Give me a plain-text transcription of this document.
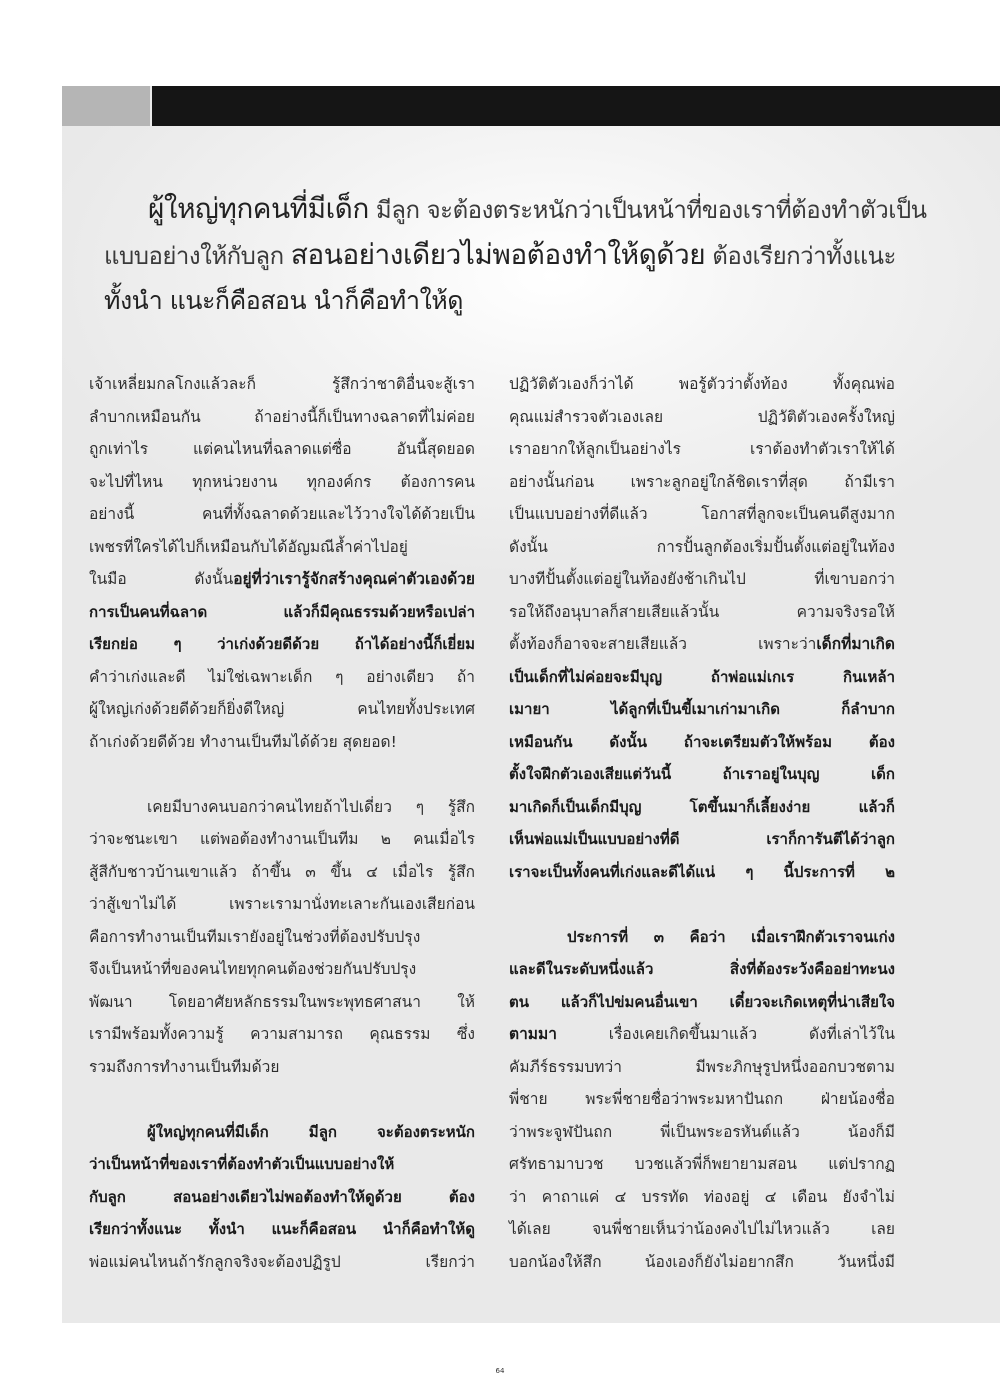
ผู้ใหญ่ทุกคนที่มีเด็ก มีลูก จะต้องตระหนักว่าเป็นหน้าที่ของเราที่ต้องทำตัวเป็น
แบบอย่างให้กับลูก สอนอย่างเดียวไม่พอต้องทำให้ดูด้วย ต้องเรียกว่าทั้งแนะ
ทั้งนำ แนะก็คือสอน นำก็คือทำให้ดู
เจ้าเหลี่ยมกลโกงแล้วละก็ รู้สึกว่าชาติอื่นจะสู้เรา
ลำบากเหมือนกัน ถ้าอย่างนี้ก็เป็นทางฉลาดที่ไม่ค่อย
ถูกเท่าไร แต่คนไหนที่ฉลาดแต่ซื่อ อันนี้สุดยอด
จะไปที่ไหน ทุกหน่วยงาน ทุกองค์กร ต้องการคน
อย่างนี้ คนที่ทั้งฉลาดด้วยและไว้วางใจได้ด้วยเป็น
เพชรที่ใครได้ไปก็เหมือนกับได้อัญมณีล้ำค่าไปอยู่
ในมือ ดังนั้นอยู่ที่ว่าเรารู้จักสร้างคุณค่าตัวเองด้วย
การเป็นคนที่ฉลาด แล้วก็มีคุณธรรมด้วยหรือเปล่า
เรียกย่อ ๆ ว่าเก่งด้วยดีด้วย ถ้าได้อย่างนี้ก็เยี่ยม
คำว่าเก่งและดี ไม่ใช่เฉพาะเด็ก ๆ อย่างเดียว ถ้า
ผู้ใหญ่เก่งด้วยดีด้วยก็ยิ่งดีใหญ่ คนไทยทั้งประเทศ
ถ้าเก่งด้วยดีด้วย ทำงานเป็นทีมได้ด้วย สุดยอด!
เคยมีบางคนบอกว่าคนไทยถ้าไปเดี่ยว ๆ รู้สึก
ว่าจะชนะเขา แต่พอต้องทำงานเป็นทีม ๒ คนเมื่อไร
สู้สีกับชาวบ้านเขาแล้ว ถ้าขึ้น ๓ ขึ้น ๔ เมื่อไร รู้สึก
ว่าสู้เขาไม่ได้ เพราะเรามานั่งทะเลาะกันเองเสียก่อน
คือการทำงานเป็นทีมเรายังอยู่ในช่วงที่ต้องปรับปรุง
จึงเป็นหน้าที่ของคนไทยทุกคนต้องช่วยกันปรับปรุง
พัฒนา โดยอาศัยหลักธรรมในพระพุทธศาสนา ให้
เรามีพร้อมทั้งความรู้ ความสามารถ คุณธรรม ซึ่ง
รวมถึงการทำงานเป็นทีมด้วย
ผู้ใหญ่ทุกคนที่มีเด็ก มีลูก จะต้องตระหนัก
ว่าเป็นหน้าที่ของเราที่ต้องทำตัวเป็นแบบอย่างให้
กับลูก สอนอย่างเดียวไม่พอต้องทำให้ดูด้วย ต้อง
เรียกว่าทั้งแนะ ทั้งนำ แนะก็คือสอน นำก็คือทำให้ดู
พ่อแม่คนไหนถ้ารักลูกจริงจะต้องปฏิรูป เรียกว่า
ปฏิวัติตัวเองก็ว่าได้ พอรู้ตัวว่าตั้งท้อง ทั้งคุณพ่อ
คุณแม่สำรวจตัวเองเลย ปฏิวัติตัวเองครั้งใหญ่
เราอยากให้ลูกเป็นอย่างไร เราต้องทำตัวเราให้ได้
อย่างนั้นก่อน เพราะลูกอยู่ใกล้ชิดเราที่สุด ถ้ามีเรา
เป็นแบบอย่างที่ดีแล้ว โอกาสที่ลูกจะเป็นคนดีสูงมาก
ดังนั้น การปั้นลูกต้องเริ่มปั้นตั้งแต่อยู่ในท้อง
บางทีปั้นตั้งแต่อยู่ในท้องยังช้าเกินไป ที่เขาบอกว่า
รอให้ถึงอนุบาลก็สายเสียแล้วนั้น ความจริงรอให้
ตั้งท้องก็อาจจะสายเสียแล้ว เพราะว่าเด็กที่มาเกิด
เป็นเด็กที่ไม่ค่อยจะมีบุญ ถ้าพ่อแม่เกเร กินเหล้า
เมายา ได้ลูกที่เป็นขี้เมาเก่ามาเกิด ก็ลำบาก
เหมือนกัน ดังนั้น ถ้าจะเตรียมตัวให้พร้อม ต้อง
ตั้งใจฝึกตัวเองเสียแต่วันนี้ ถ้าเราอยู่ในบุญ เด็ก
มาเกิดก็เป็นเด็กมีบุญ โตขึ้นมาก็เลี้ยงง่าย แล้วก็
เห็นพ่อแม่เป็นแบบอย่างที่ดี เราก็การันตีได้ว่าลูก
เราจะเป็นทั้งคนที่เก่งและดีได้แน่ ๆ นี้ประการที่ ๒
ประการที่ ๓ คือว่า เมื่อเราฝึกตัวเราจนเก่ง
และดีในระดับหนึ่งแล้ว สิ่งที่ต้องระวังคืออย่าทะนง
ตน แล้วก็ไปข่มคนอื่นเขา เดี๋ยวจะเกิดเหตุที่น่าเสียใจ
ตามมา เรื่องเคยเกิดขึ้นมาแล้ว ดังที่เล่าไว้ใน
คัมภีร์ธรรมบทว่า มีพระภิกษุรูปหนึ่งออกบวชตาม
พี่ชาย พระพี่ชายชื่อว่าพระมหาปันถก ฝ่ายน้องชื่อ
ว่าพระจูฬปันถก พี่เป็นพระอรหันต์แล้ว น้องก็มี
ศรัทธามาบวช บวชแล้วพี่ก็พยายามสอน แต่ปรากฏ
ว่า คาถาแค่ ๔ บรรทัด ท่องอยู่ ๔ เดือน ยังจำไม่
ได้เลย จนพี่ชายเห็นว่าน้องคงไปไม่ไหวแล้ว เลย
บอกน้องให้สึก น้องเองก็ยังไม่อยากสึก วันหนึ่งมี
64
